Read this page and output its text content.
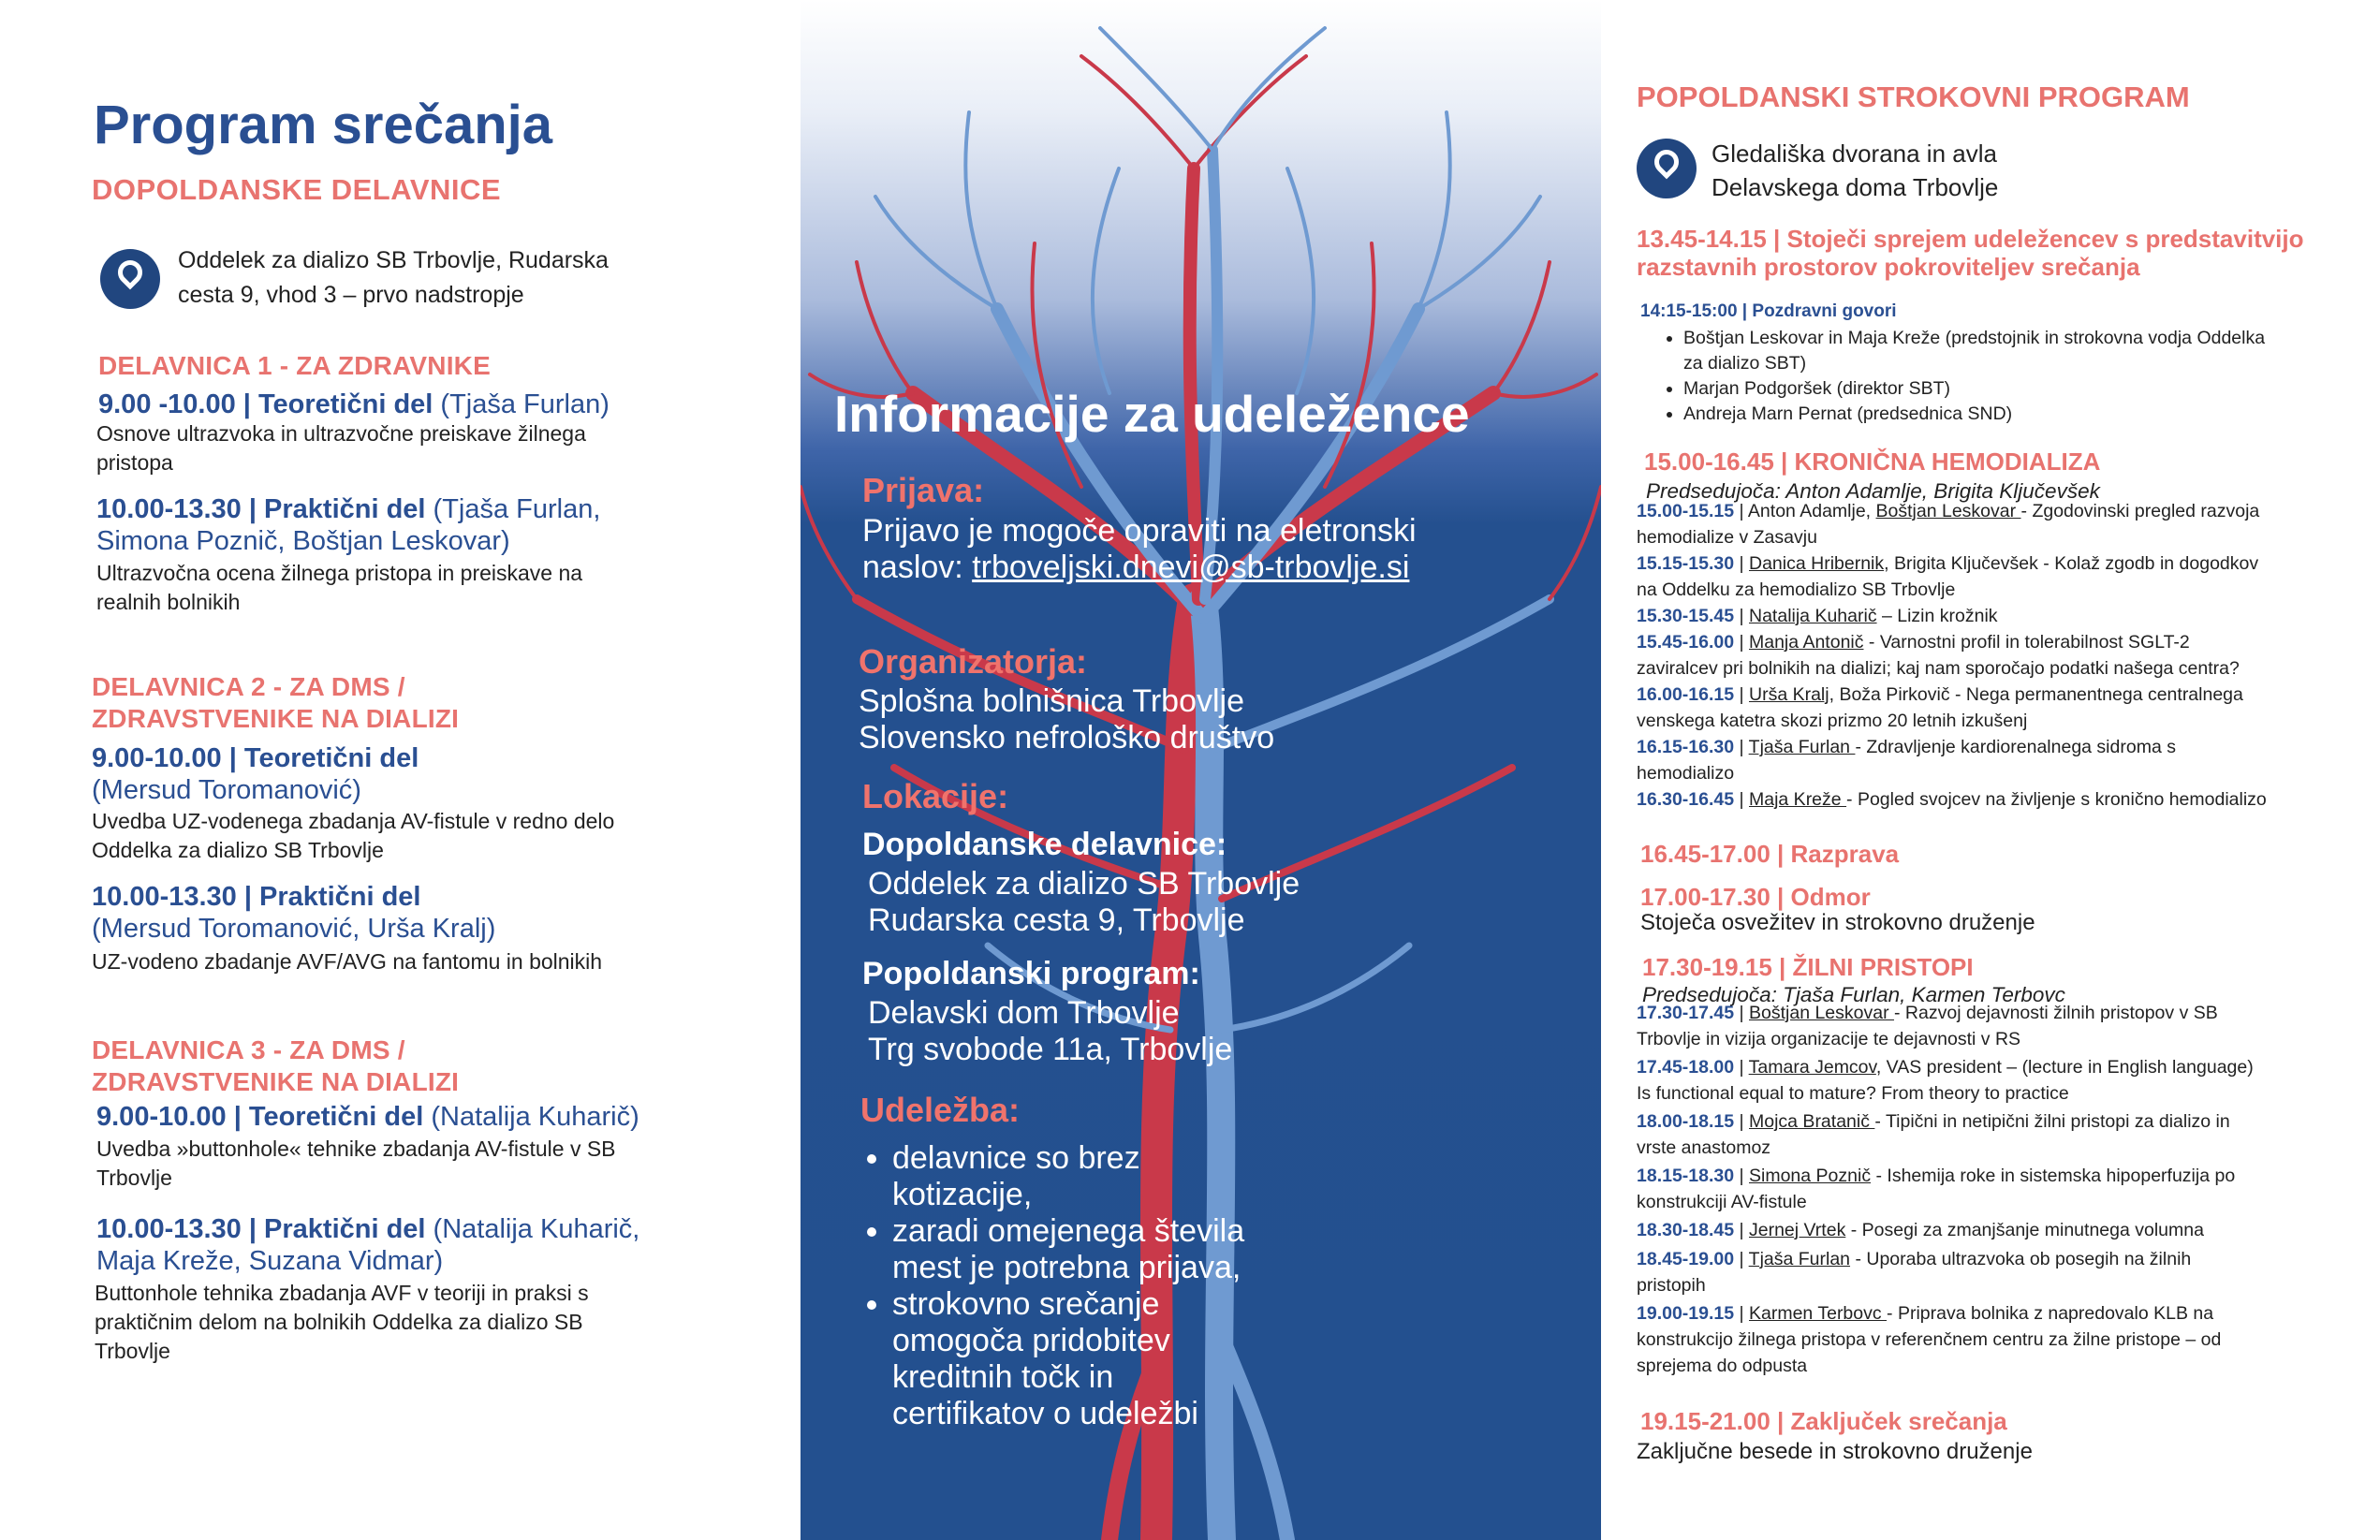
Program srečanja
DOPOLDANSKE DELAVNICE
Oddelek za dializo SB Trbovlje, Rudarska
cesta 9, vhod 3 – prvo nadstropje
DELAVNICA 1 - ZA ZDRAVNIKE
9.00 -10.00 | Teoretični del (Tjaša Furlan)
Osnove ultrazvoka in ultrazvočne preiskave žilnega
pristopa
10.00-13.30 | Praktični del (Tjaša Furlan,
Simona Poznič, Boštjan Leskovar)
Ultrazvočna ocena žilnega pristopa in preiskave na
realnih bolnikih
DELAVNICA 2 - ZA DMS /
ZDRAVSTVENIKE NA DIALIZI
9.00-10.00 | Teoretični del
(Mersud Toromanović)
Uvedba UZ-vodenega zbadanja AV-fistule v redno delo
Oddelka za dializo SB Trbovlje
10.00-13.30 | Praktični del
(Mersud Toromanović, Urša Kralj)
UZ-vodeno zbadanje AVF/AVG na fantomu in bolnikih
DELAVNICA 3 - ZA DMS /
ZDRAVSTVENIKE NA DIALIZI
9.00-10.00 | Teoretični del (Natalija Kuharič)
Uvedba »buttonhole« tehnike zbadanja AV-fistule v SB
Trbovlje
10.00-13.30 | Praktični del (Natalija Kuharič,
Maja Kreže, Suzana Vidmar)
Buttonhole tehnika zbadanja AVF v teoriji in praksi s
praktičnim delom na bolnikih Oddelka za dializo SB
Trbovlje
Informacije za udeležence
Prijava:
Prijavo je mogoče opraviti na eletronski
naslov: trboveljski.dnevi@sb-trbovlje.si
Organizatorja:
Splošna bolnišnica Trbovlje
Slovensko nefrološko društvo
Lokacije:
Dopoldanske delavnice:
Oddelek za dializo SB Trbovlje
Rudarska cesta 9, Trbovlje
Popoldanski program:
Delavski dom Trbovlje
Trg svobode 11a, Trbovlje
Udeležba:
• delavnice so brez kotizacije,
• zaradi omejenega števila mest je potrebna prijava,
• strokovno srečanje omogoča pridobitev kreditnih točk in certifikatov o udeležbi
POPOLDANSKI STROKOVNI PROGRAM
Gledališka dvorana in avla
Delavskega doma Trbovlje
13.45-14.15 | Stoječi sprejem udeležencev s predstavitvijo
razstavnih prostorov pokroviteljev srečanja
14:15-15:00 | Pozdravni govori
• Boštjan Leskovar in Maja Kreže (predstojnik in strokovna vodja Oddelka
za dializo SBT)
• Marjan Podgoršek (direktor SBT)
• Andreja Marn Pernat (predsednica SND)
15.00-16.45 | KRONIČNA HEMODIALIZA
Predsedujoča: Anton Adamlje, Brigita Ključevšek
15.00-15.15 | Anton Adamlje, Boštjan Leskovar - Zgodovinski pregled razvoja
hemodialize v Zasavju
15.15-15.30 | Danica Hribernik, Brigita Ključevšek - Kolaž zgodb in dogodkov
na Oddelku za hemodializo SB Trbovlje
15.30-15.45 | Natalija Kuharič – Lizin krožnik
15.45-16.00 | Manja Antonič - Varnostni profil in tolerabilnost SGLT-2
zaviralcev pri bolnikih na dializi; kaj nam sporočajo podatki našega centra?
16.00-16.15 | Urša Kralj, Boža Pirkovič - Nega permanentnega centralnega
venskega katetra skozi prizmo 20 letnih izkušenj
16.15-16.30 | Tjaša Furlan - Zdravljenje kardiorenalnega sidroma s
hemodializo
16.30-16.45 | Maja Kreže - Pogled svojcev na življenje s kronično hemodializo
16.45-17.00 | Razprava
17.00-17.30 | Odmor
Stoječa osvežitev in strokovno druženje
17.30-19.15 | ŽILNI PRISTOPI
Predsedujoča: Tjaša Furlan, Karmen Terbovc
17.30-17.45 | Boštjan Leskovar - Razvoj dejavnosti žilnih pristopov v SB
Trbovlje in vizija organizacije te dejavnosti v RS
17.45-18.00 | Tamara Jemcov, VAS president – (lecture in English language)
Is functional equal to mature? From theory to practice
18.00-18.15 | Mojca Bratanič - Tipični in netipični žilni pristopi za dializo in
vrste anastomoz
18.15-18.30 | Simona Poznič - Ishemija roke in sistemska hipoperfuzija po
konstrukciji AV-fistule
18.30-18.45 | Jernej Vrtek - Posegi za zmanjšanje minutnega volumna
18.45-19.00 | Tjaša Furlan - Uporaba ultrazvoka ob posegih na žilnih
pristopih
19.00-19.15 | Karmen Terbovc - Priprava bolnika z napredovalo KLB na
konstrukcijo žilnega pristopa v referenčnem centru za žilne pristope – od
sprejema do odpusta
19.15-21.00 | Zaključek srečanja
Zaključne besede in strokovno druženje
